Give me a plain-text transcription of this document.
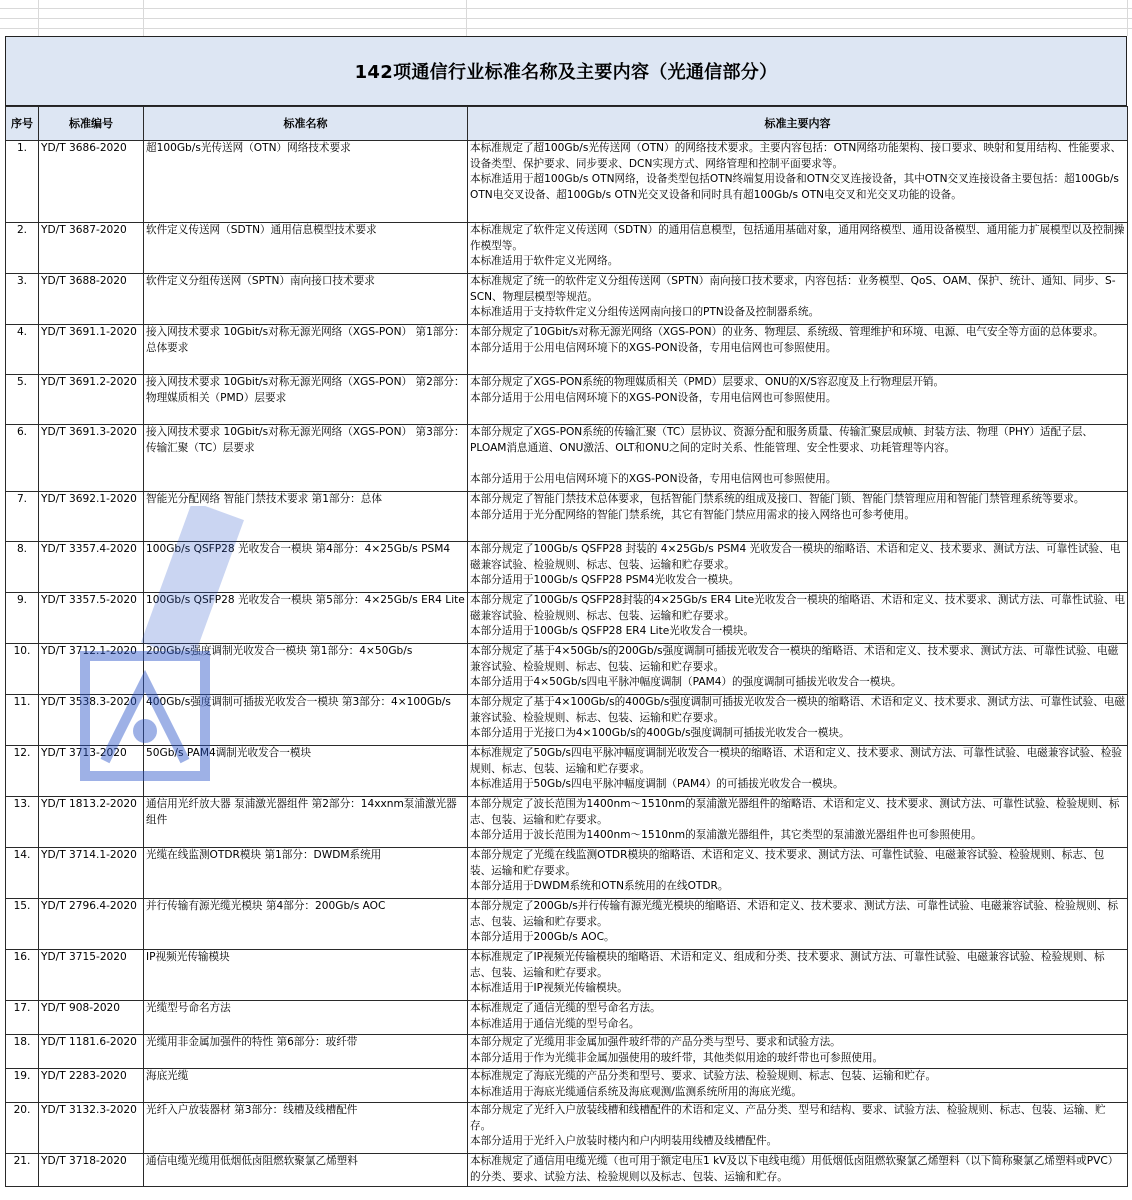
142项通信行业标准名称及主要内容（光通信部分）
序号	标准编号	标准名称	标准主要内容
1.	YD/T 3686-2020	超100Gb/s光传送网（OTN）网络技术要求	本标准规定了超100Gb/s光传送网（OTN）的网络技术要求。主要内容包括：OTN网络功能架构、接口要求、映射和复用结构、性能要求、设备类型、保护要求、同步要求、DCN实现方式、网络管理和控制平面要求等。
本标准适用于超100Gb/s OTN网络，设备类型包括OTN终端复用设备和OTN交叉连接设备，其中OTN交叉连接设备主要包括：超100Gb/s OTN电交叉设备、超100Gb/s OTN光交叉设备和同时具有超100Gb/s OTN电交叉和光交叉功能的设备。

2.	YD/T 3687-2020	软件定义传送网（SDTN）通用信息模型技术要求	本标准规定了软件定义传送网（SDTN）的通用信息模型，包括通用基础对象，通用网络模型、通用设备模型、通用能力扩展模型以及控制操作模型等。
本标准适用于软件定义光网络。

3.	YD/T 3688-2020	软件定义分组传送网（SPTN）南向接口技术要求	本标准规定了统一的软件定义分组传送网（SPTN）南向接口技术要求，内容包括：业务模型、QoS、OAM、保护、统计、通知、同步、S-SCN、物理层模型等规范。
本标准适用于支持软件定义分组传送网南向接口的PTN设备及控制器系统。

4.	YD/T 3691.1-2020	接入网技术要求 10Gbit/s对称无源光网络（XGS-PON） 第1部分：总体要求	本部分规定了10Gbit/s对称无源光网络（XGS-PON）的业务、物理层、系统级、管理维护和环境、电源、电气安全等方面的总体要求。
本部分适用于公用电信网环境下的XGS-PON设备，专用电信网也可参照使用。

5.	YD/T 3691.2-2020	接入网技术要求 10Gbit/s对称无源光网络（XGS-PON） 第2部分：物理媒质相关（PMD）层要求	本部分规定了XGS-PON系统的物理媒质相关（PMD）层要求、ONU的X/S容忍度及上行物理层开销。
本部分适用于公用电信网环境下的XGS-PON设备，专用电信网也可参照使用。

6.	YD/T 3691.3-2020	接入网技术要求 10Gbit/s对称无源光网络（XGS-PON） 第3部分：传输汇聚（TC）层要求	本部分规定了XGS-PON系统的传输汇聚（TC）层协议、资源分配和服务质量、传输汇聚层成帧、封装方法、物理（PHY）适配子层、PLOAM消息通道、ONU激活、OLT和ONU之间的定时关系、性能管理、安全性要求、功耗管理等内容。

本部分适用于公用电信网环境下的XGS-PON设备，专用电信网也可参照使用。

7.	YD/T 3692.1-2020	智能光分配网络 智能门禁技术要求 第1部分：总体	本部分规定了智能门禁技术总体要求，包括智能门禁系统的组成及接口、智能门锁、智能门禁管理应用和智能门禁管理系统等要求。
本部分适用于光分配网络的智能门禁系统，其它有智能门禁应用需求的接入网络也可参考使用。

8.	YD/T 3357.4-2020	100Gb/s QSFP28 光收发合一模块 第4部分：4×25Gb/s PSM4	本部分规定了100Gb/s QSFP28 封装的 4×25Gb/s PSM4 光收发合一模块的缩略语、术语和定义、技术要求、测试方法、可靠性试验、电磁兼容试验、检验规则、标志、包装、运输和贮存要求。
本部分适用于100Gb/s QSFP28 PSM4光收发合一模块。

9.	YD/T 3357.5-2020	100Gb/s QSFP28 光收发合一模块 第5部分：4×25Gb/s ER4 Lite	本部分规定了100Gb/s QSFP28封装的4×25Gb/s ER4 Lite光收发合一模块的缩略语、术语和定义、技术要求、测试方法、可靠性试验、电磁兼容试验、检验规则、标志、包装、运输和贮存要求。
本部分适用于100Gb/s QSFP28 ER4 Lite光收发合一模块。

10.	YD/T 3712.1-2020	200Gb/s强度调制光收发合一模块 第1部分：4×50Gb/s	本部分规定了基于4×50Gb/s的200Gb/s强度调制可插拔光收发合一模块的缩略语、术语和定义、技术要求、测试方法、可靠性试验、电磁兼容试验、检验规则、标志、包装、运输和贮存要求。
本部分适用于4×50Gb/s四电平脉冲幅度调制（PAM4）的强度调制可插拔光收发合一模块。

11.	YD/T 3538.3-2020	400Gb/s强度调制可插拔光收发合一模块 第3部分：4×100Gb/s	本部分规定了基于4×100Gb/s的400Gb/s强度调制可插拔光收发合一模块的缩略语、术语和定义、技术要求、测试方法、可靠性试验、电磁兼容试验、检验规则、标志、包装、运输和贮存要求。
本部分适用于光接口为4×100Gb/s的400Gb/s强度调制可插拔光收发合一模块。

12.	YD/T 3713-2020	50Gb/s PAM4调制光收发合一模块	本标准规定了50Gb/s四电平脉冲幅度调制光收发合一模块的缩略语、术语和定义、技术要求、测试方法、可靠性试验、电磁兼容试验、检验规则、标志、包装、运输和贮存要求。
本标准适用于50Gb/s四电平脉冲幅度调制（PAM4）的可插拔光收发合一模块。

13.	YD/T 1813.2-2020	通信用光纤放大器 泵浦激光器组件 第2部分：14xxnm泵浦激光器组件	本部分规定了波长范围为1400nm～1510nm的泵浦激光器组件的缩略语、术语和定义、技术要求、测试方法、可靠性试验、检验规则、标志、包装、运输和贮存要求。
本部分适用于波长范围为1400nm～1510nm的泵浦激光器组件，其它类型的泵浦激光器组件也可参照使用。

14.	YD/T 3714.1-2020	光缆在线监测OTDR模块 第1部分：DWDM系统用	本部分规定了光缆在线监测OTDR模块的缩略语、术语和定义、技术要求、测试方法、可靠性试验、电磁兼容试验、检验规则、标志、包装、运输和贮存要求。
本部分适用于DWDM系统和OTN系统用的在线OTDR。

15.	YD/T 2796.4-2020	并行传输有源光缆光模块 第4部分：200Gb/s AOC	本部分规定了200Gb/s并行传输有源光缆光模块的缩略语、术语和定义、技术要求、测试方法、可靠性试验、电磁兼容试验、检验规则、标志、包装、运输和贮存要求。
本部分适用于200Gb/s AOC。

16.	YD/T 3715-2020	IP视频光传输模块	本标准规定了IP视频光传输模块的缩略语、术语和定义、组成和分类、技术要求、测试方法、可靠性试验、电磁兼容试验、检验规则、标志、包装、运输和贮存要求。
本标准适用于IP视频光传输模块。

17.	YD/T 908-2020	光缆型号命名方法	本标准规定了通信光缆的型号命名方法。
本标准适用于通信光缆的型号命名。

18.	YD/T 1181.6-2020	光缆用非金属加强件的特性 第6部分：玻纤带	本部分规定了光缆用非金属加强件玻纤带的产品分类与型号、要求和试验方法。
本部分适用于作为光缆非金属加强使用的玻纤带，其他类似用途的玻纤带也可参照使用。

19.	YD/T 2283-2020	海底光缆	本标准规定了海底光缆的产品分类和型号、要求、试验方法、检验规则、标志、包装、运输和贮存。
本标准适用于海底光缆通信系统及海底观测/监测系统所用的海底光缆。

20.	YD/T 3132.3-2020	光纤入户放装器材 第3部分：线槽及线槽配件	本部分规定了光纤入户放装线槽和线槽配件的术语和定义、产品分类、型号和结构、要求、试验方法、检验规则、标志、包装、运输、贮存。
本部分适用于光纤入户放装时楼内和户内明装用线槽及线槽配件。

21.	YD/T 3718-2020	通信电缆光缆用低烟低卤阻燃软聚氯乙烯塑料	本标准规定了通信用电缆光缆（也可用于额定电压1 kV及以下电线电缆）用低烟低卤阻燃软聚氯乙烯塑料（以下简称聚氯乙烯塑料或PVC）的分类、要求、试验方法、检验规则以及标志、包装、运输和贮存。
